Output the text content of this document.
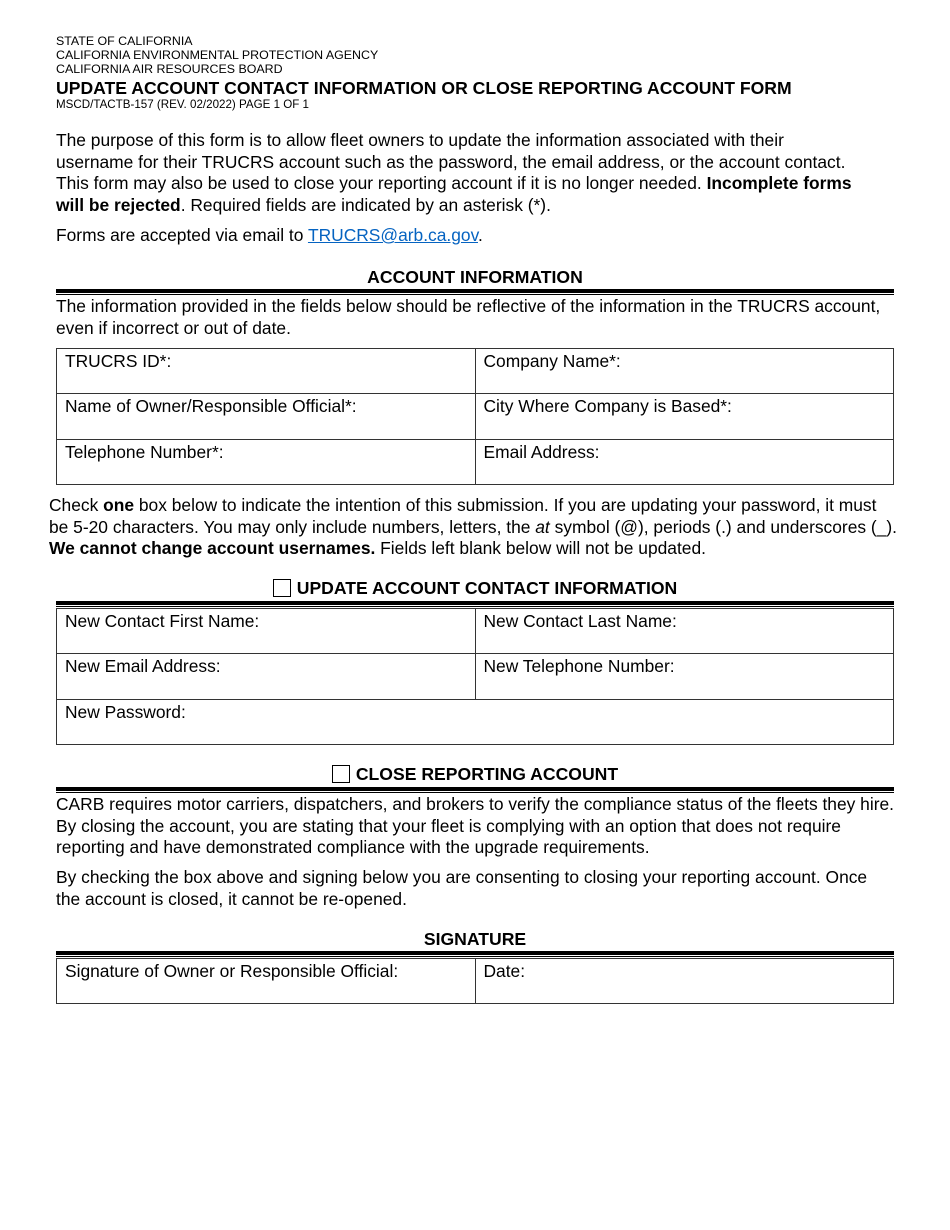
STATE OF CALIFORNIA
CALIFORNIA ENVIRONMENTAL PROTECTION AGENCY
CALIFORNIA AIR RESOURCES BOARD
UPDATE ACCOUNT CONTACT INFORMATION OR CLOSE REPORTING ACCOUNT FORM
MSCD/TACTB-157 (REV. 02/2022) PAGE 1 OF 1
The purpose of this form is to allow fleet owners to update the information associated with their username for their TRUCRS account such as the password, the email address, or the account contact. This form may also be used to close your reporting account if it is no longer needed. Incomplete forms will be rejected. Required fields are indicated by an asterisk (*).
Forms are accepted via email to TRUCRS@arb.ca.gov.
ACCOUNT INFORMATION
The information provided in the fields below should be reflective of the information in the TRUCRS account, even if incorrect or out of date.
TRUCRS ID*:	Company Name*:
Name of Owner/Responsible Official*:	City Where Company is Based*:
Telephone Number*:	Email Address:
Check one box below to indicate the intention of this submission. If you are updating your password, it must be 5-20 characters. You may only include numbers, letters, the at symbol (@), periods (.) and underscores (_). We cannot change account usernames. Fields left blank below will not be updated.
UPDATE ACCOUNT CONTACT INFORMATION
New Contact First Name:	New Contact Last Name:
New Email Address:	New Telephone Number:
New Password:	
CLOSE REPORTING ACCOUNT
CARB requires motor carriers, dispatchers, and brokers to verify the compliance status of the fleets they hire. By closing the account, you are stating that your fleet is complying with an option that does not require reporting and have demonstrated compliance with the upgrade requirements.
By checking the box above and signing below you are consenting to closing your reporting account. Once the account is closed, it cannot be re-opened.
SIGNATURE
Signature of Owner or Responsible Official:	Date:
